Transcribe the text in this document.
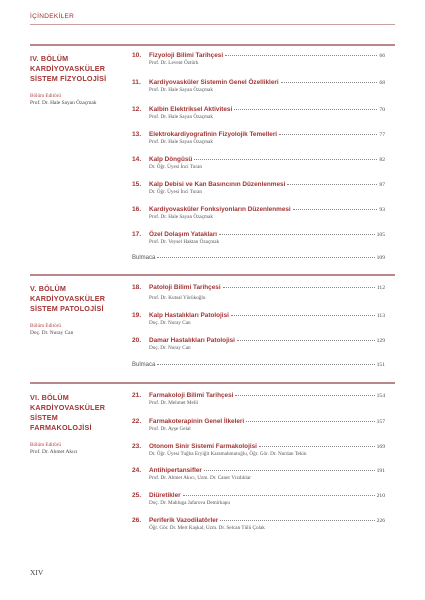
İÇİNDEKİLER
IV. BÖLÜM
KARDİYOVASKÜLER
SİSTEM FİZYOLOJİSİ
Bölüm Editörü
Prof. Dr. Hale Sayan Özaçmak
10.	Fizyoloji Bilimi Tarihçesi	66
Prof. Dr. Levent Öztürk
11.	Kardiyovasküler Sistemin Genel Özellikleri	68
Prof. Dr. Hale Sayan Özaçmak
12.	Kalbin Elektriksel Aktivitesi	70
Prof. Dr. Hale Sayan Özaçmak
13.	Elektrokardiyografinin Fizyolojik Temelleri	77
Prof. Dr. Hale Sayan Özaçmak
14.	Kalp Döngüsü	82
Dr. Öğr. Üyesi İnci Turan
15.	Kalp Debisi ve Kan Basıncının Düzenlenmesi	87
Dr. Öğr. Üyesi İnci Turan
16.	Kardiyovasküler Fonksiyonların Düzenlenmesi	93
Prof. Dr. Hale Sayan Özaçmak
17.	Özel Dolaşım Yatakları	105
Prof. Dr. Veysel Haktan Özaçmak
Bulmaca	109
V. BÖLÜM
KARDİYOVASKÜLER
SİSTEM PATOLOJİSİ
Bölüm Editörü
Doç. Dr. Nuray Can
18.	Patoloji Bilimi Tarihçesi	112
Prof. Dr. Kutsal Yörükoğlu
19.	Kalp Hastalıkları Patolojisi	113
Doç. Dr. Nuray Can
20.	Damar Hastalıkları Patolojisi	129
Doç. Dr. Nuray Can
Bulmaca	151
VI. BÖLÜM
KARDİYOVASKÜLER
SİSTEM
FARMAKOLOJİSİ
Bölüm Editörü
Prof. Dr. Ahmet Akıcı
21.	Farmakoloji Bilimi Tarihçesi	154
Prof. Dr. Mehmet Melli
22.	Farmakoterapinin Genel İlkeleri	157
Prof. Dr. Ayşe Gelal
23.	Otonom Sinir Sistemi Farmakolojisi	169
Dr. Öğr. Üyesi Tuğba Eryiğit Karamahmutoğlu, Öğr. Gör. Dr. Nurdan Tekin
24.	Antihipertansifler	191
Prof. Dr. Ahmet Akıcı, Uzm. Dr. Caner Vızdıklar
25.	Diüretikler	210
Doç. Dr. Mahluga Jafarova Demirkapu
26.	Periferik Vazodilatörler	226
Öğr. Gör. Dr. Mert Kaşkal, Uzm. Dr. Selcan Tülü Çolak
XIV
